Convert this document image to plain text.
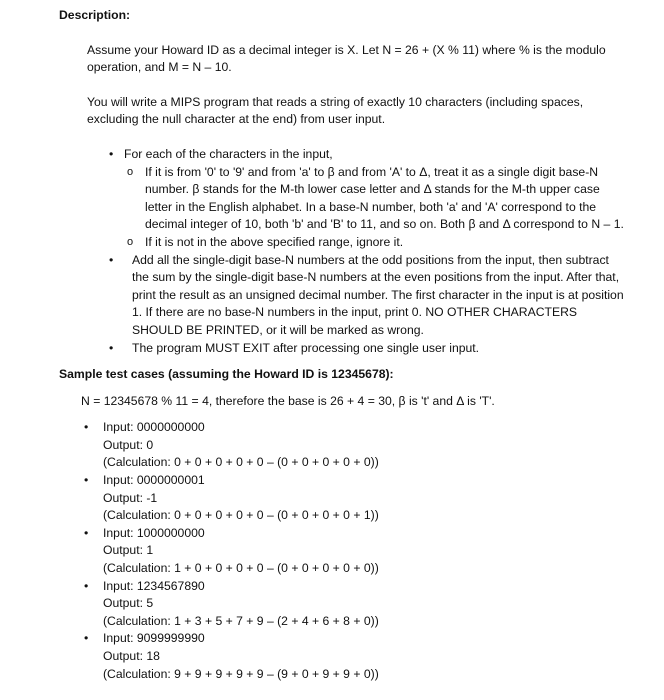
Description:

Assume your Howard ID as a decimal integer is X. Let N = 26 + (X % 11) where % is the modulo operation, and M = N – 10.

You will write a MIPS program that reads a string of exactly 10 characters (including spaces, excluding the null character at the end) from user input.

• For each of the characters in the input,
o If it is from '0' to '9' and from 'a' to β and from 'A' to Δ, treat it as a single digit base-N number. β stands for the M-th lower case letter and Δ stands for the M-th upper case letter in the English alphabet. In a base-N number, both 'a' and 'A' correspond to the decimal integer of 10, both 'b' and 'B' to 11, and so on. Both β and Δ correspond to N – 1.
o If it is not in the above specified range, ignore it.
• Add all the single-digit base-N numbers at the odd positions from the input, then subtract the sum by the single-digit base-N numbers at the even positions from the input. After that, print the result as an unsigned decimal number. The first character in the input is at position 1. If there are no base-N numbers in the input, print 0. NO OTHER CHARACTERS SHOULD BE PRINTED, or it will be marked as wrong.
• The program MUST EXIT after processing one single user input.

Sample test cases (assuming the Howard ID is 12345678):

N = 12345678 % 11 = 4, therefore the base is 26 + 4 = 30, β is 't' and Δ is 'T'.

• Input: 0000000000
Output: 0
(Calculation: 0 + 0 + 0 + 0 + 0 – (0 + 0 + 0 + 0 + 0))
• Input: 0000000001
Output: -1
(Calculation: 0 + 0 + 0 + 0 + 0 – (0 + 0 + 0 + 0 + 1))
• Input: 1000000000
Output: 1
(Calculation: 1 + 0 + 0 + 0 + 0 – (0 + 0 + 0 + 0 + 0))
• Input: 1234567890
Output: 5
(Calculation: 1 + 3 + 5 + 7 + 9 – (2 + 4 + 6 + 8 + 0))
• Input: 9099999990
Output: 18
(Calculation: 9 + 9 + 9 + 9 + 9 – (9 + 0 + 9 + 9 + 0))
